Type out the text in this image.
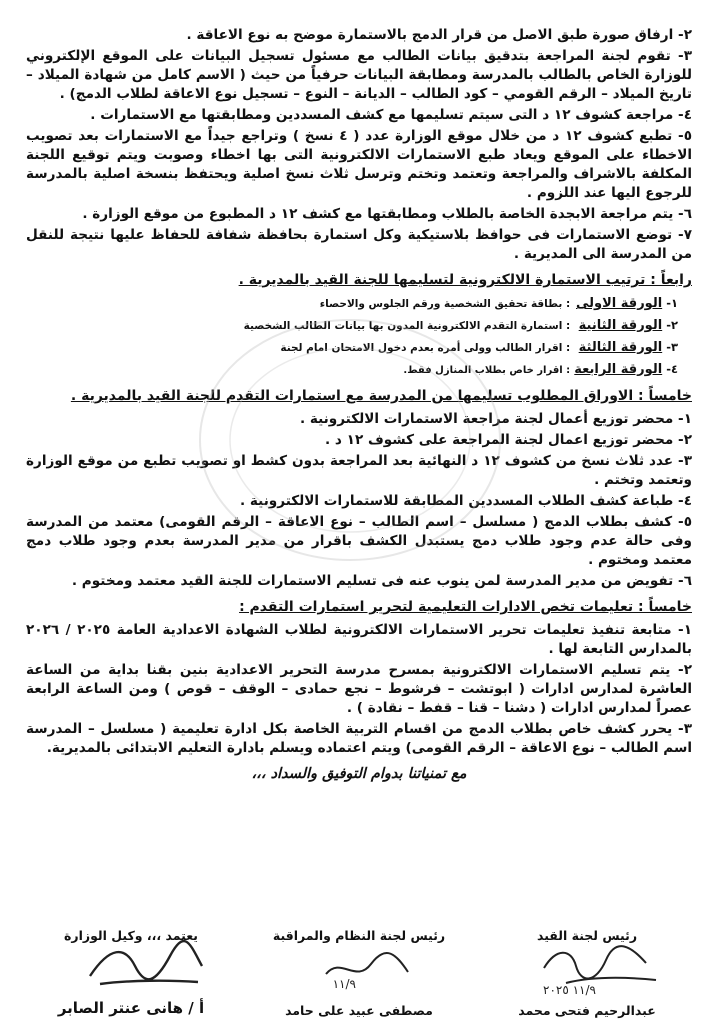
٢- ارفاق صورة طبق الاصل من قرار الدمج بالاستمارة موضح به نوع الاعاقة .
٣- تقوم لجنة المراجعة بتدقيق بيانات الطالب مع مسئول تسجيل البيانات على الموقع الإلكتروني للوزارة الخاص بالطالب بالمدرسة ومطابقة البيانات حرفياً من حيث ( الاسم كامل من شهادة الميلاد – تاريخ الميلاد – الرقم القومي – كود الطالب – الديانة – النوع – تسجيل نوع الاعاقة لطلاب الدمج) .
٤- مراجعة كشوف ١٢ د التى سيتم تسليمها مع كشف المسددين ومطابقتها مع الاستمارات .
٥- تطبع كشوف ١٢ د من خلال موقع الوزارة عدد ( ٤ نسخ ) وتراجع جيداً مع الاستمارات بعد تصويب الاخطاء على الموقع ويعاد طبع الاستمارات الالكترونية التى بها اخطاء وصوبت ويتم توقيع اللجنة المكلفة بالاشراف والمراجعة وتعتمد وتختم وترسل ثلاث نسخ اصلية ويحتفظ بنسخة اصلية بالمدرسة للرجوع اليها عند اللزوم .
٦- يتم مراجعة الابجدة الخاصة بالطلاب ومطابقتها مع كشف ١٢ د المطبوع من موقع الوزارة .
٧- توضع الاستمارات فى حوافظ بلاستيكية وكل استمارة بحافظة شفافة للحفاظ عليها نتيجة للنقل من المدرسة الى المديرية .
رابعاً : ترتيب الاستمارة الالكترونية لتسليمها للجنة القيد بالمديرية .
١- الورقة الاولى : بطاقة تحقيق الشخصية ورقم الجلوس والاحصاء
٢- الورقة الثانية : استمارة التقدم الالكترونية المدون بها بيانات الطالب الشخصية
٣- الورقة الثالثة : اقرار الطالب وولى أمره بعدم دخول الامتحان امام لجنة
٤- الورقة الرابعة : اقرار خاص بطلاب المنازل فقط.
خامساً : الاوراق المطلوب تسليمها من المدرسة مع استمارات التقدم للجنة القيد بالمديرية .
١- محضر توزيع أعمال لجنة مراجعة الاستمارات الالكترونية .
٢- محضر توزيع اعمال لجنة المراجعة على كشوف ١٢ د .
٣- عدد ثلاث نسخ من كشوف ١٢ د النهائية بعد المراجعة بدون كشط او تصويب تطبع من موقع الوزارة وتعتمد وتختم .
٤- طباعة كشف الطلاب المسددين المطابقة للاستمارات الالكترونية .
٥- كشف بطلاب الدمج ( مسلسل – اسم الطالب – نوع الاعاقة – الرقم القومى) معتمد من المدرسة وفى حالة عدم وجود طلاب دمج يستبدل الكشف باقرار من مدير المدرسة بعدم وجود طلاب دمج معتمد ومختوم .
٦- تفويض من مدير المدرسة لمن ينوب عنه فى تسليم الاستمارات للجنة القيد معتمد ومختوم .
خامساً : تعليمات تخص الادارات التعليمية لتحرير استمارات التقدم :
١- متابعة تنفيذ تعليمات تحرير الاستمارات الالكترونية لطلاب الشهادة الاعدادية العامة ٢٠٢٥ / ٢٠٢٦ بالمدارس التابعة لها .
٢- يتم تسليم الاستمارات الالكترونية بمسرح مدرسة التحرير الاعدادية بنين بقنا بداية من الساعة العاشرة لمدارس ادارات ( ابوتشت – فرشوط – نجع حمادى – الوقف – قوص ) ومن الساعة الرابعة عصراً لمدارس ادارات ( دشنا – قنا – قفط – نقادة ) .
٣- يحرر كشف خاص بطلاب الدمج من اقسام التربية الخاصة بكل ادارة تعليمية ( مسلسل – المدرسة اسم الطالب – نوع الاعاقة – الرقم القومى) ويتم اعتماده ويسلم بادارة التعليم الابتدائى بالمديرية.
مع تمنياتنا بدوام التوفيق والسداد ،،،
رئيس لجنة القيد
عبدالرحيم فتحى محمد
رئيس لجنة النظام والمراقبة
مصطفى عبيد على حامد
يعتمد ،،، وكيل الوزارة
أ / هانى عنتر الصابر
١١/٩ ٢٠٢٥
١١/٩
